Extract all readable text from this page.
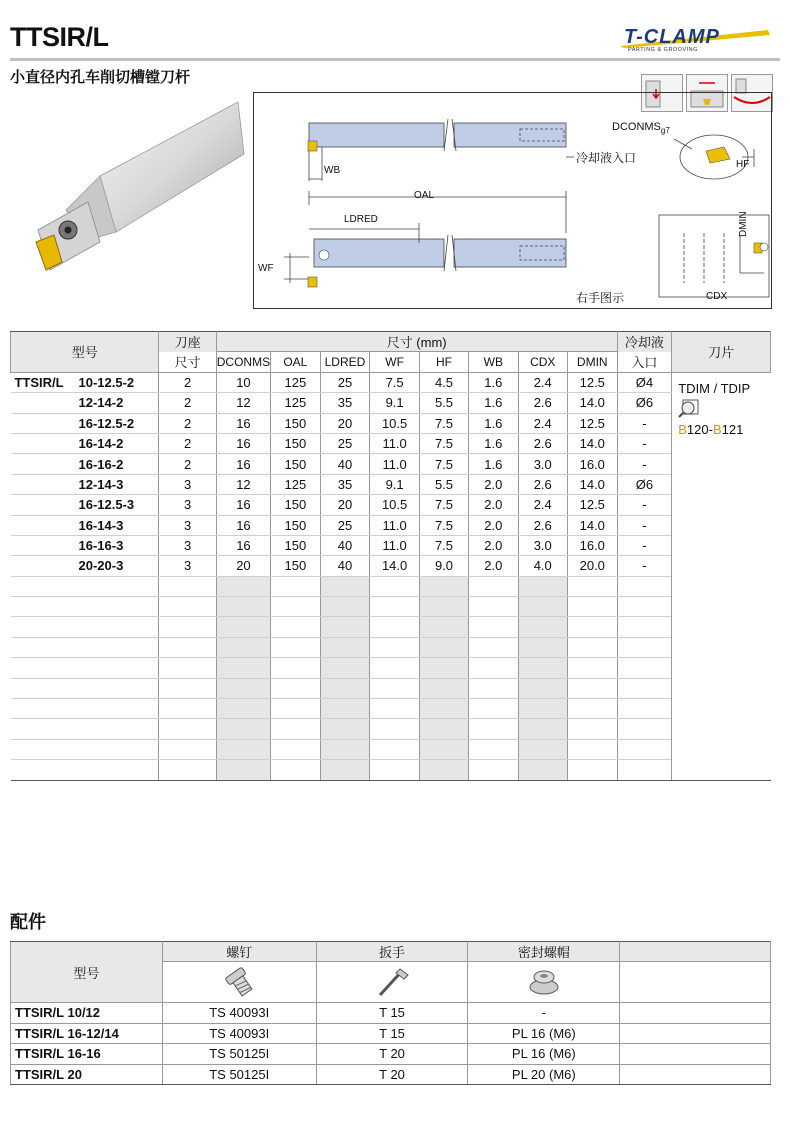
TTSIR/L
小直径内孔车削切槽镗刀杆
T-CLAMP
PARTING & GROOVING
WB
冷却液入口
$DCONMS_{g7}$
HF
OAL
LDRED
WF
DMIN
CDX
右手图示
型号	刀座	尺寸 (mm)								冷却液	刀片
	尺寸	DCONMS	OAL	LDRED	WF	HF	WB	CDX	DMIN	入口	
TTSIR/L 10-12.5-2	2	10	125	25	7.5	4.5	1.6	2.4	12.5	Ø4	TDIM / TDIP
B120-B121

12-14-2	2	12	125	35	9.1	5.5	1.6	2.6	14.0	Ø6	
16-12.5-2	2	16	150	20	10.5	7.5	1.6	2.4	12.5	-	
16-14-2	2	16	150	25	11.0	7.5	1.6	2.6	14.0	-	
16-16-2	2	16	150	40	11.0	7.5	1.6	3.0	16.0	-	
12-14-3	3	12	125	35	9.1	5.5	2.0	2.6	14.0	Ø6	
16-12.5-3	3	16	150	20	10.5	7.5	2.0	2.4	12.5	-	
16-14-3	3	16	150	25	11.0	7.5	2.0	2.6	14.0	-	
16-16-3	3	16	150	40	11.0	7.5	2.0	3.0	16.0	-	
20-20-3	3	20	150	40	14.0	9.0	2.0	4.0	20.0	-	

配件
型号	螺钉	扳手	密封螺帽	

TTSIR/L 10/12	TS 40093I	T 15	-	
TTSIR/L 16-12/14	TS 40093I	T 15	PL 16 (M6)	
TTSIR/L 16-16	TS 50125I	T 20	PL 16 (M6)	
TTSIR/L 20	TS 50125I	T 20	PL 20 (M6)	
